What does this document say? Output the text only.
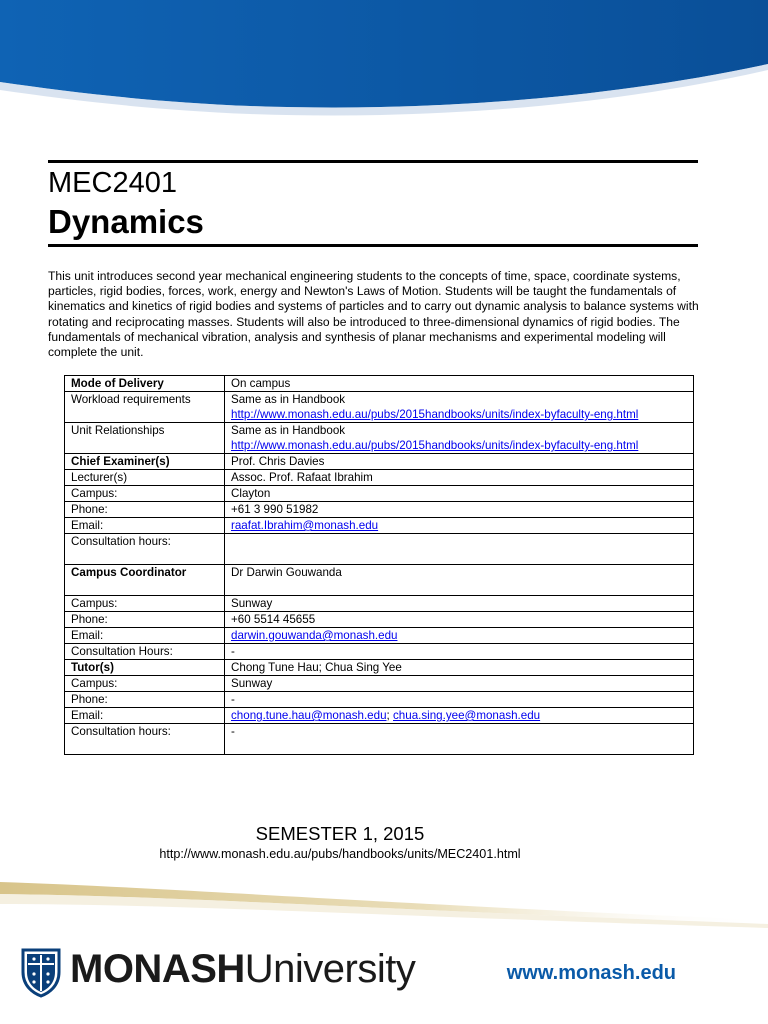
MEC2401
Dynamics

This unit introduces second year mechanical engineering students to the concepts of time, space, coordinate systems, particles, rigid bodies, forces, work, energy and Newton's Laws of Motion. Students will be taught the fundamentals of kinematics and kinetics of rigid bodies and systems of particles and to carry out dynamic analysis to balance systems with rotating and reciprocating masses. Students will also be introduced to three-dimensional dynamics of rigid bodies. The fundamentals of mechanical vibration, analysis and synthesis of planar mechanisms and experimental modeling will complete the unit.

Mode of Delivery	On campus
Workload requirements	Same as in Handbook
http://www.monash.edu.au/pubs/2015handbooks/units/index-byfaculty-eng.html
Unit Relationships	Same as in Handbook
http://www.monash.edu.au/pubs/2015handbooks/units/index-byfaculty-eng.html
Chief Examiner(s)	Prof. Chris Davies
Lecturer(s)	Assoc. Prof. Rafaat Ibrahim
Campus:	Clayton
Phone:	+61 3 990 51982
Email:	raafat.Ibrahim@monash.edu
Consultation hours:	
Campus Coordinator	Dr Darwin Gouwanda
Campus:	Sunway
Phone:	+60 5514 45655
Email:	darwin.gouwanda@monash.edu
Consultation Hours:	-
Tutor(s)	Chong Tune Hau; Chua Sing Yee
Campus:	Sunway
Phone:	-
Email:	chong.tune.hau@monash.edu; chua.sing.yee@monash.edu
Consultation hours:	-
SEMESTER 1, 2015
http://www.monash.edu.au/pubs/handbooks/units/MEC2401.html
MONASHUniversity	www.monash.edu
